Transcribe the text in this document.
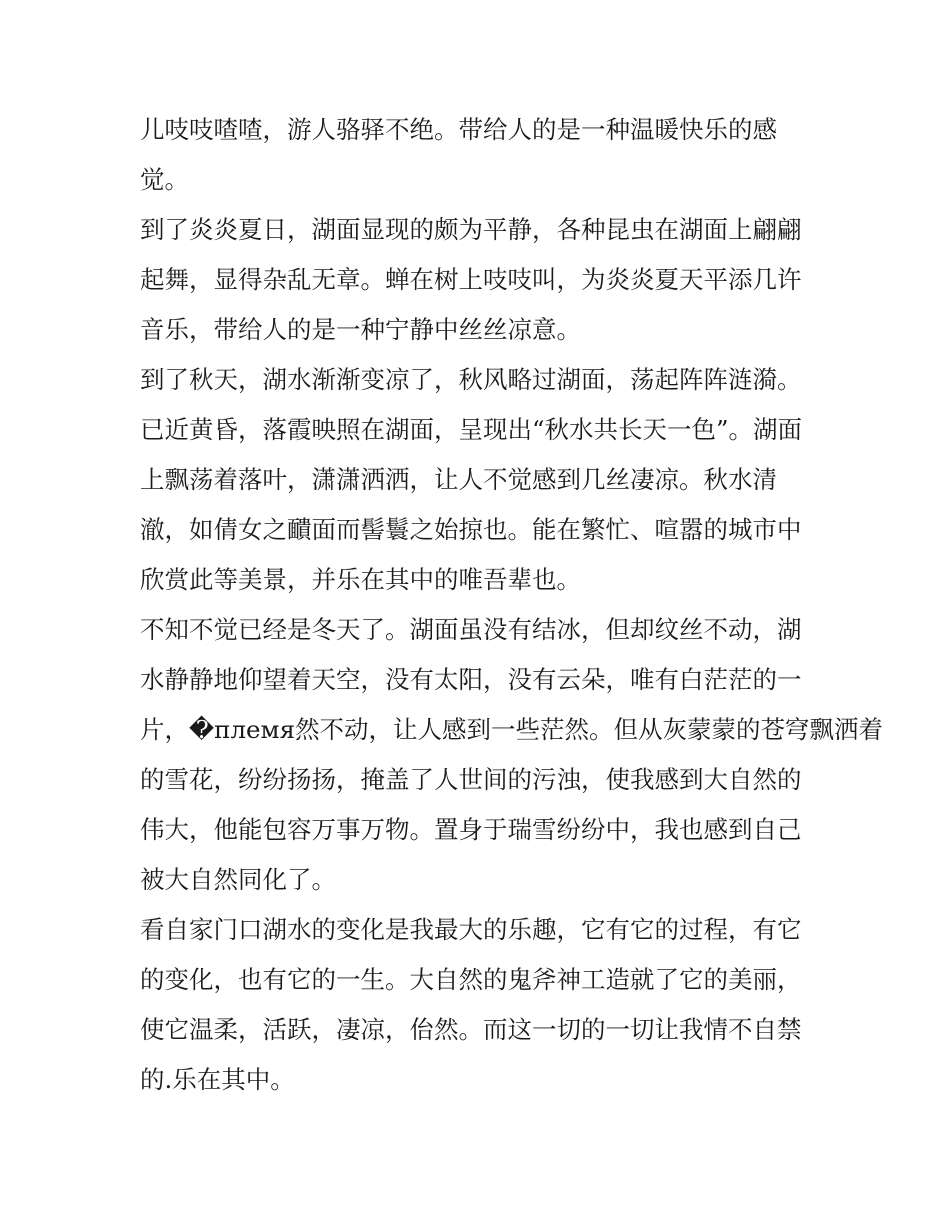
儿吱吱喳喳，游人骆驿不绝。带给人的是一种温暖快乐的感

觉。

到了炎炎夏日，湖面显现的颇为平静，各种昆虫在湖面上翩翩

起舞，显得杂乱无章。蝉在树上吱吱叫，为炎炎夏天平添几许

音乐，带给人的是一种宁静中丝丝凉意。

到了秋天，湖水渐渐变凉了，秋风略过湖面，荡起阵阵涟漪。

已近黄昏，落霞映照在湖面，呈现出“秋水共长天一色”。湖面

上飘荡着落叶，潇潇洒洒，让人不觉感到几丝凄凉。秋水清

澈，如倩女之靧面而髻鬟之始掠也。能在繁忙、喧嚣的城市中

欣赏此等美景，并乐在其中的唯吾辈也。

不知不觉已经是冬天了。湖面虽没有结冰，但却纹丝不动，湖

水静静地仰望着天空，没有太阳，没有云朵，唯有白茫茫的一

片，�племя然不动，让人感到一些茫然。但从灰蒙蒙的苍穹飘洒着

的雪花，纷纷扬扬，掩盖了人世间的污浊，使我感到大自然的

伟大，他能包容万事万物。置身于瑞雪纷纷中，我也感到自己

被大自然同化了。

看自家门口湖水的变化是我最大的乐趣，它有它的过程，有它

的变化，也有它的一生。大自然的鬼斧神工造就了它的美丽，

使它温柔，活跃，凄凉，佁然。而这一切的一切让我情不自禁

的.乐在其中。
